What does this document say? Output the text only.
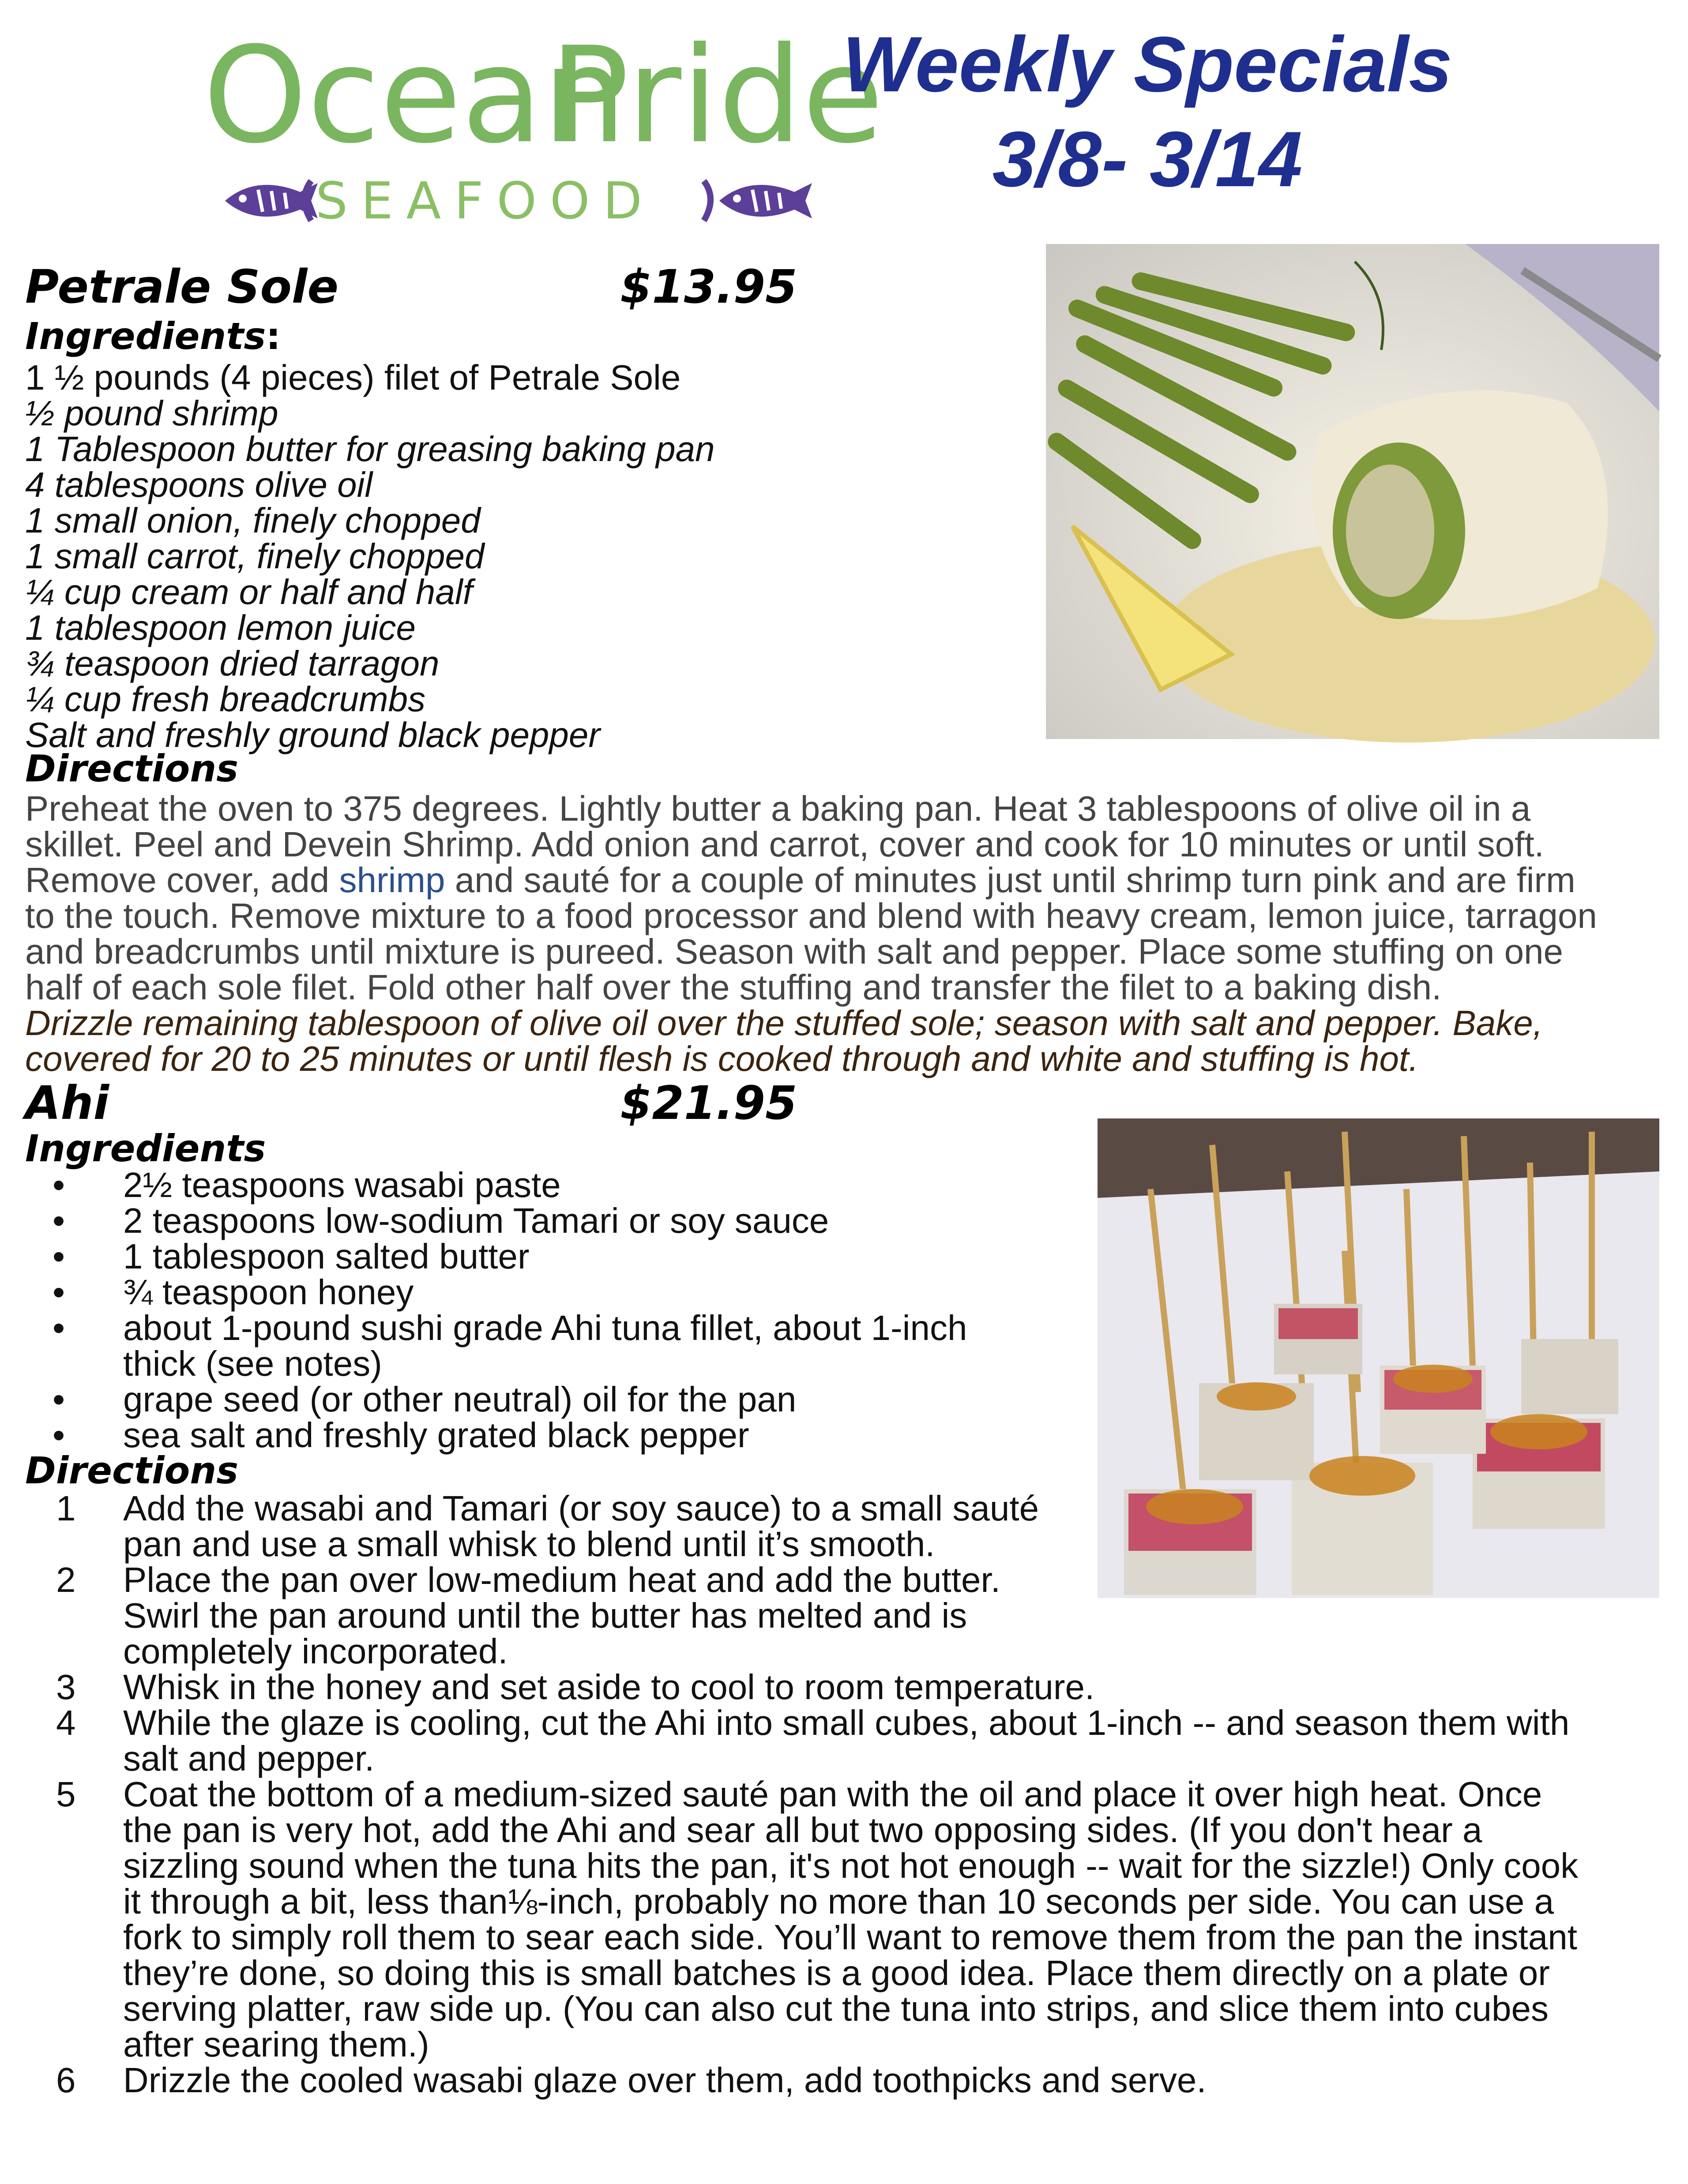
Ocean
Pride
SEAFOOD
Weekly Specials
3/8- 3/14
Petrale Sole	$13.95
Ingredients:
1 ½ pounds (4 pieces) filet of Petrale Sole
½ pound shrimp
1 Tablespoon butter for greasing baking pan
4 tablespoons olive oil
1 small onion, finely chopped
1 small carrot, finely chopped
¼ cup cream or half and half
1 tablespoon lemon juice
¾ teaspoon dried tarragon
¼ cup fresh breadcrumbs
Salt and freshly ground black pepper
Directions
Preheat the oven to 375 degrees. Lightly butter a baking pan. Heat 3 tablespoons of olive oil in a
skillet. Peel and Devein Shrimp. Add onion and carrot, cover and cook for 10 minutes or until soft.
Remove cover, add shrimp and sauté for a couple of minutes just until shrimp turn pink and are firm
to the touch. Remove mixture to a food processor and blend with heavy cream, lemon juice, tarragon
and breadcrumbs until mixture is pureed. Season with salt and pepper. Place some stuffing on one
half of each sole filet. Fold other half over the stuffing and transfer the filet to a baking dish.
Drizzle remaining tablespoon of olive oil over the stuffed sole; season with salt and pepper. Bake,
covered for 20 to 25 minutes or until flesh is cooked through and white and stuffing is hot.
Ahi	$21.95
Ingredients
• 2½ teaspoons wasabi paste
• 2 teaspoons low-sodium Tamari or soy sauce
• 1 tablespoon salted butter
• ¾ teaspoon honey
• about 1-pound sushi grade Ahi tuna fillet, about 1-inch
thick (see notes)
• grape seed (or other neutral) oil for the pan
• sea salt and freshly grated black pepper
Directions
1 Add the wasabi and Tamari (or soy sauce) to a small sauté
pan and use a small whisk to blend until it’s smooth.
2 Place the pan over low-medium heat and add the butter.
Swirl the pan around until the butter has melted and is
completely incorporated.
3 Whisk in the honey and set aside to cool to room temperature.
4 While the glaze is cooling, cut the Ahi into small cubes, about 1-inch -- and season them with
salt and pepper.
5 Coat the bottom of a medium-sized sauté pan with the oil and place it over high heat. Once
the pan is very hot, add the Ahi and sear all but two opposing sides. (If you don't hear a
sizzling sound when the tuna hits the pan, it's not hot enough -- wait for the sizzle!) Only cook
it through a bit, less than⅛-inch, probably no more than 10 seconds per side. You can use a
fork to simply roll them to sear each side. You’ll want to remove them from the pan the instant
they’re done, so doing this is small batches is a good idea. Place them directly on a plate or
serving platter, raw side up. (You can also cut the tuna into strips, and slice them into cubes
after searing them.)
6 Drizzle the cooled wasabi glaze over them, add toothpicks and serve.
